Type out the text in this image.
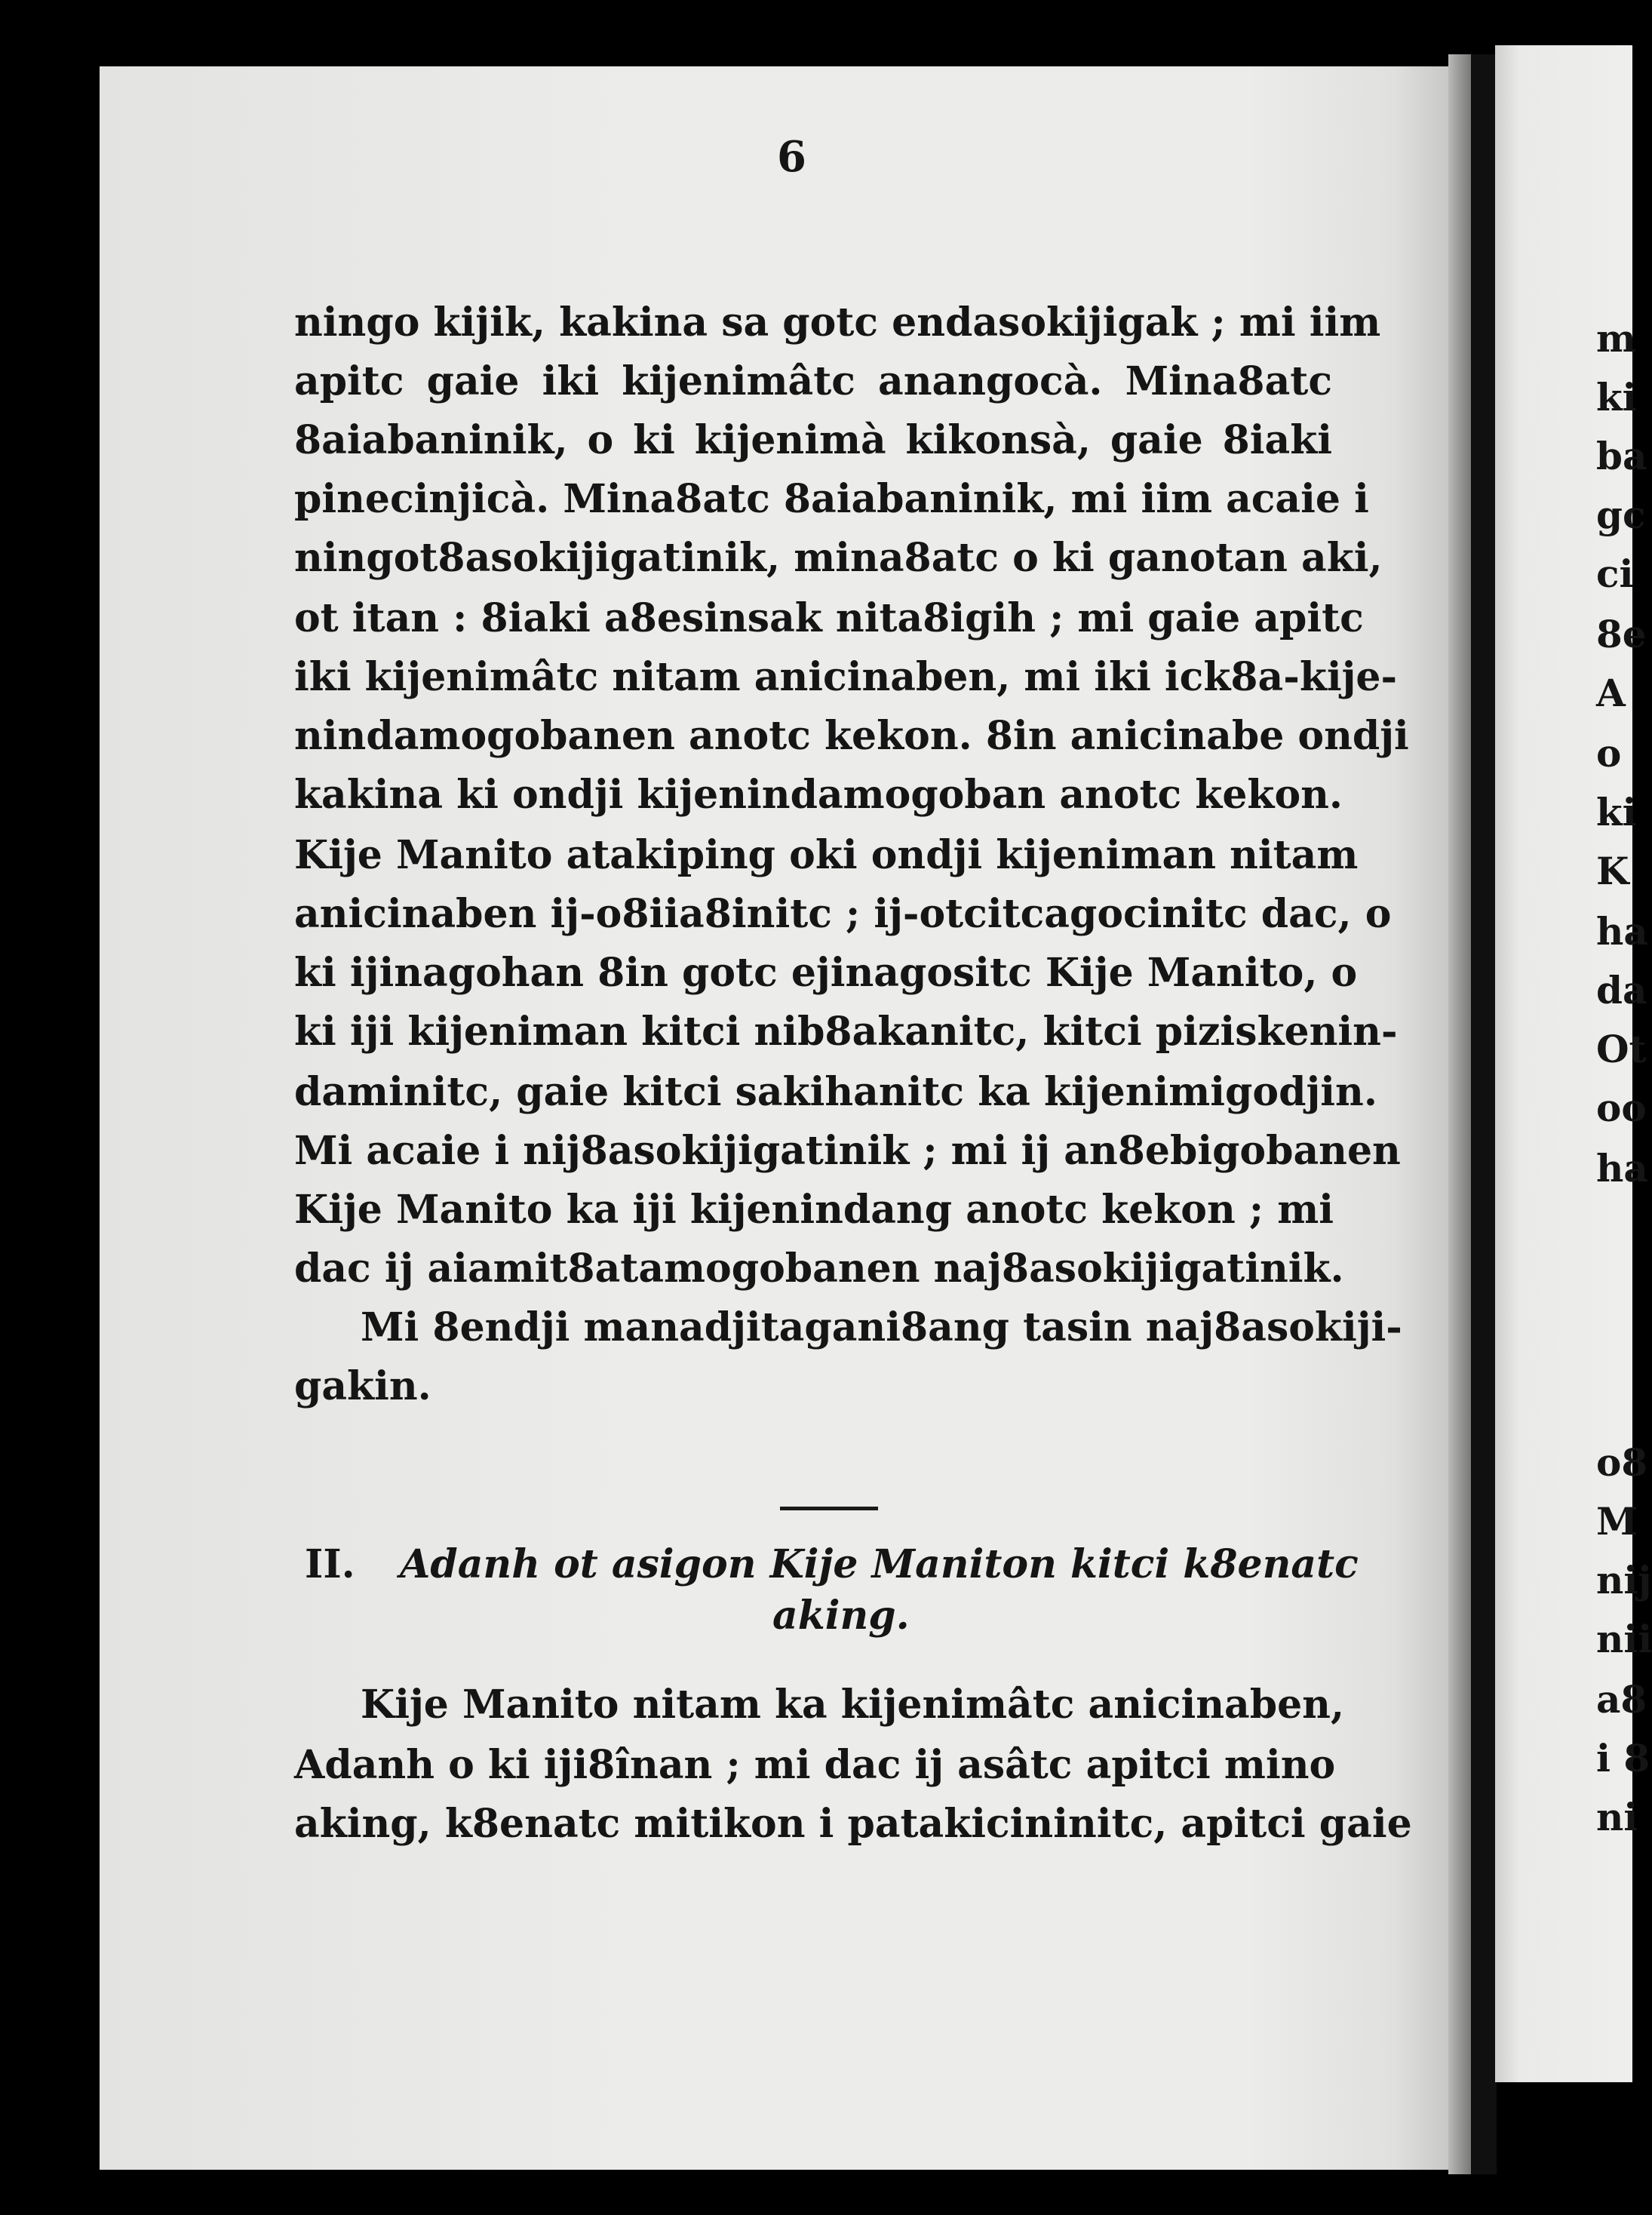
6

ningo kijik, kakina sa gotc endasokijigak ; mi iim

apitc gaie iki kijenimâtc anangocà. Mina8atc

8aiabaninik, o ki kijenimà kikonsà, gaie 8iaki

pinecinjicà. Mina8atc 8aiabaninik, mi iim acaie i

ningot8asokijigatinik, mina8atc o ki ganotan aki,

ot itan : 8iaki a8esinsak nita8igih ; mi gaie apitc

iki kijenimâtc nitam anicinaben, mi iki ick8a-kije-

nindamogobanen anotc kekon. 8in anicinabe ondji

kakina ki ondji kijenindamogoban anotc kekon.

Kije Manito atakiping oki ondji kijeniman nitam

anicinaben ij-o8iia8initc ; ij-otcitcagocinitc dac, o

ki ijinagohan 8in gotc ejinagositc Kije Manito, o

ki iji kijeniman kitci nib8akanitc, kitci piziskenin-

daminitc, gaie kitci sakihanitc ka kijenimigodjin.

Mi acaie i nij8asokijigatinik ; mi ij an8ebigobanen

Kije Manito ka iji kijenindang anotc kekon ; mi

dac ij aiamit8atamogobanen naj8asokijigatinik.

Mi 8endji manadjitagani8ang tasin naj8asokiji-

gakin.

II. Adanh ot asigon Kije Maniton kitci k8enatc

aking.

Kije Manito nitam ka kijenimâtc anicinaben,

Adanh o ki iji8înan ; mi dac ij asâtc apitci mino

aking, k8enatc mitikon i patakicininitc, apitci gaie

m

ki

ba

gc

ci

8e

A

o

ki

K

ha

da

Ot

oo

ha

o8

M

nij

nii

a8

i 8

ni
